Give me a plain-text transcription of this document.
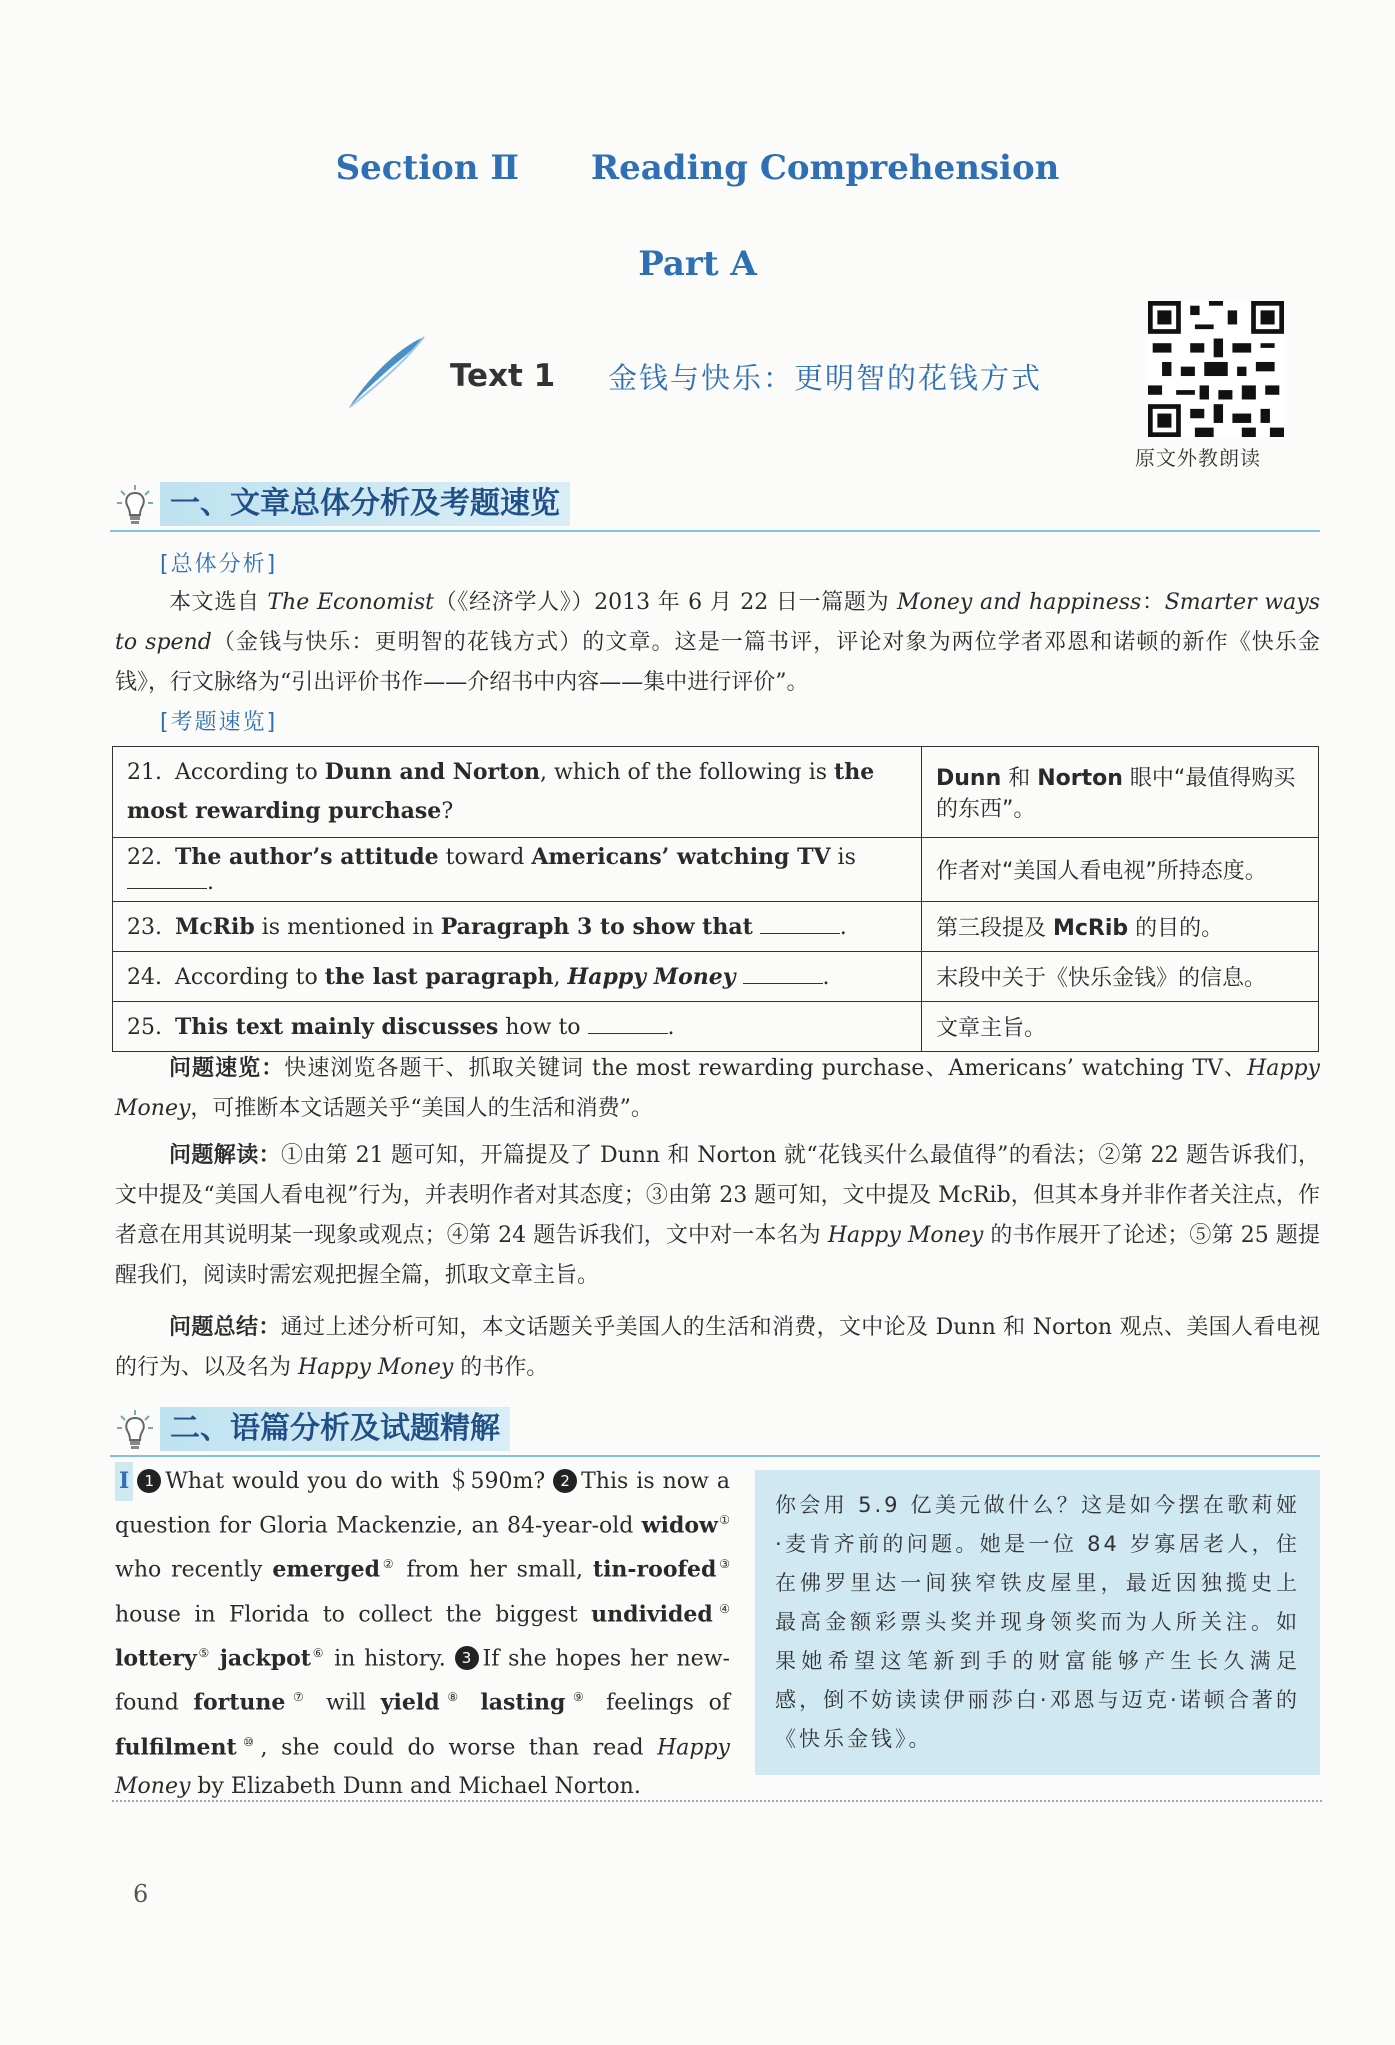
Section Ⅱ Reading Comprehension
Part A
Text 1 金钱与快乐：更明智的花钱方式
原文外教朗读
一、文章总体分析及考题速览
[总体分析]
本文选自 The Economist（《经济学人》）2013 年 6 月 22 日一篇题为 Money and happiness：Smarter ways to spend（金钱与快乐：更明智的花钱方式）的文章。这是一篇书评，评论对象为两位学者邓恩和诺顿的新作《快乐金钱》，行文脉络为“引出评价书作——介绍书中内容——集中进行评价”。
[考题速览]
21. According to Dunn and Norton, which of the following is the most rewarding purchase?	Dunn 和 Norton 眼中“最值得购买的东西”。
22. The author’s attitude toward Americans’ watching TV is .	作者对“美国人看电视”所持态度。
23. McRib is mentioned in Paragraph 3 to show that .	第三段提及 McRib 的目的。
24. According to the last paragraph, Happy Money .	末段中关于《快乐金钱》的信息。
25. This text mainly discusses how to .	文章主旨。
问题速览：快速浏览各题干、抓取关键词 the most rewarding purchase、Americans’ watching TV、Happy Money，可推断本文话题关乎“美国人的生活和消费”。
问题解读：①由第 21 题可知，开篇提及了 Dunn 和 Norton 就“花钱买什么最值得”的看法；②第 22 题告诉我们，文中提及“美国人看电视”行为，并表明作者对其态度；③由第 23 题可知，文中提及 McRib，但其本身并非作者关注点，作者意在用其说明某一现象或观点；④第 24 题告诉我们，文中对一本名为 Happy Money 的书作展开了论述；⑤第 25 题提醒我们，阅读时需宏观把握全篇，抓取文章主旨。
问题总结：通过上述分析可知，本文话题关乎美国人的生活和消费，文中论及 Dunn 和 Norton 观点、美国人看电视的行为、以及名为 Happy Money 的书作。
二、语篇分析及试题精解
Ⅰ 1 What would you do with ＄590m? 2 This is now a question for Gloria Mackenzie, an 84-year-old widow① who recently emerged② from her small, tin-roofed③ house in Florida to collect the biggest undivided④ lottery⑤ jackpot⑥ in history. 3 If she hopes her new-found fortune⑦ will yield⑧ lasting⑨ feelings of fulfilment⑩, she could do worse than read Happy Money by Elizabeth Dunn and Michael Norton.
你会用 5.9 亿美元做什么？这是如今摆在歌莉娅·麦肯齐前的问题。她是一位 84 岁寡居老人，住在佛罗里达一间狭窄铁皮屋里，最近因独揽史上最高金额彩票头奖并现身领奖而为人所关注。如果她希望这笔新到手的财富能够产生长久满足感，倒不妨读读伊丽莎白·邓恩与迈克·诺顿合著的《快乐金钱》。
6
